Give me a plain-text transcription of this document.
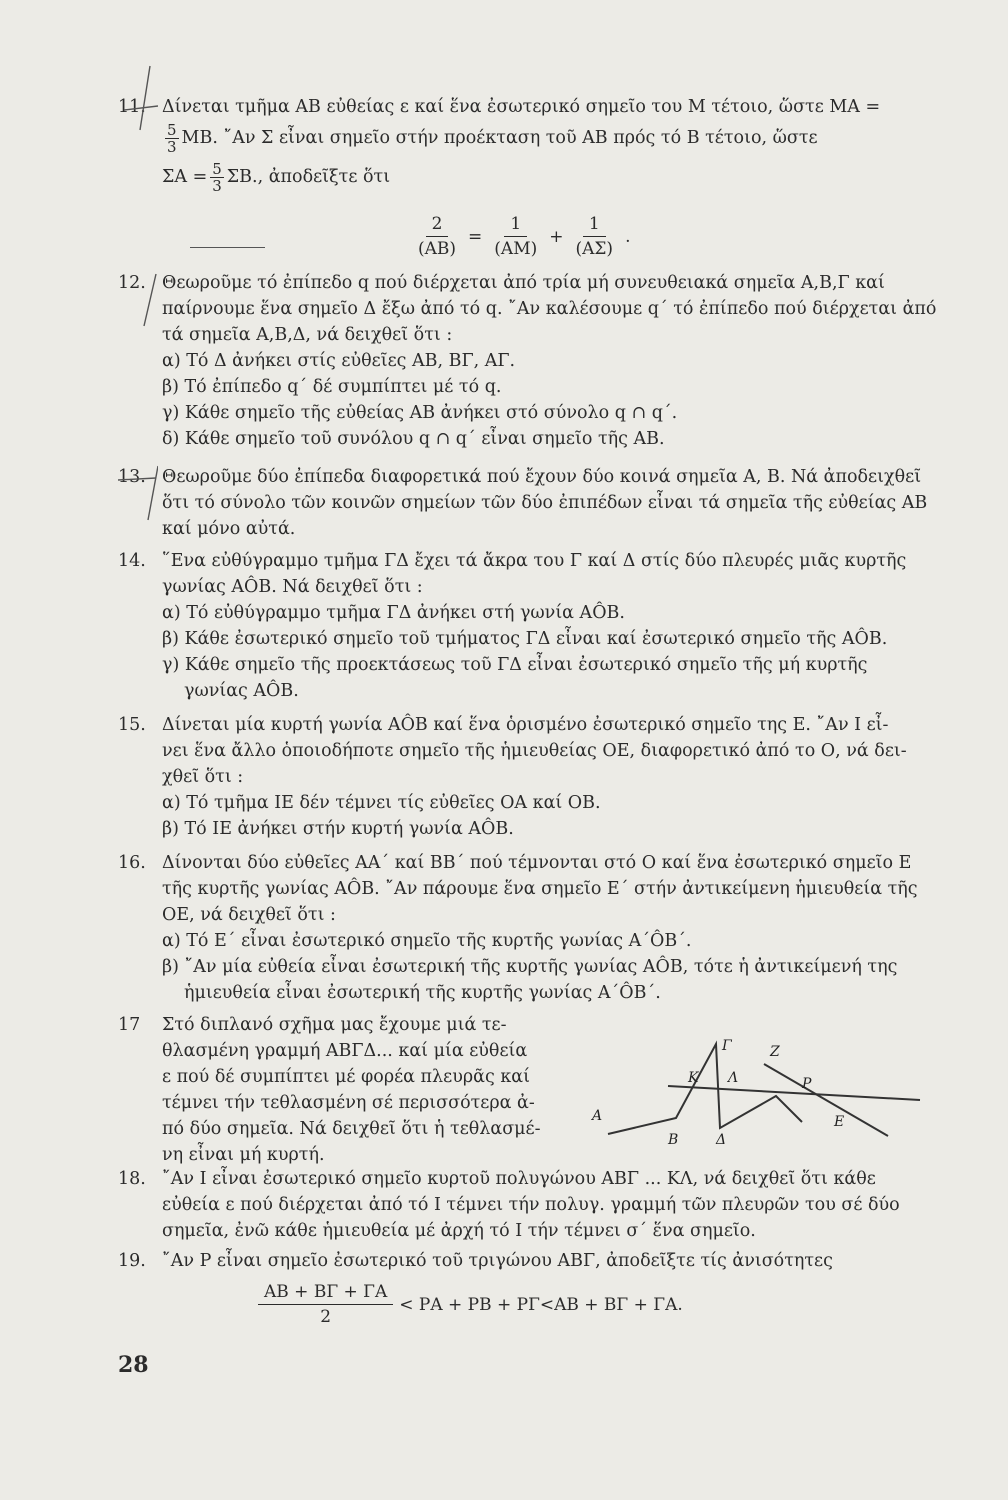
11. Δίνεται τμῆμα ΑΒ εὐθείας ε καί ἕνα ἐσωτερικό σημεῖο του Μ τέτοιο, ὥστε ΜΑ =
$\frac{5}{3} MB$. ῎Αν Σ εἶναι σημεῖο στήν προέκταση τοῦ ΑΒ πρός τό Β τέτοιο, ὥστε
$\Sigma A = \frac{5}{3} \Sigma B$., ἀποδεῖξτε ὅτι
$\frac{2}{(AB)} = \frac{1}{(AM)} + \frac{1}{(A\Sigma)}$ .
12. Θεωροῦμε τό ἐπίπεδο q πού διέρχεται ἀπό τρία μή συνευθειακά σημεῖα Α,Β,Γ καί
παίρνουμε ἕνα σημεῖο Δ ἔξω ἀπό τό q. ῎Αν καλέσουμε q΄ τό ἐπίπεδο πού διέρχεται ἀπό
τά σημεῖα Α,Β,Δ, νά δειχθεῖ ὅτι :
α) Τό Δ ἀνήκει στίς εὐθεῖες ΑΒ, ΒΓ, ΑΓ.
β) Τό ἐπίπεδο q΄ δέ συμπίπτει μέ τό q.
γ) Κάθε σημεῖο τῆς εὐθείας ΑΒ ἀνήκει στό σύνολο q ∩ q΄.
δ) Κάθε σημεῖο τοῦ συνόλου q ∩ q΄ εἶναι σημεῖο τῆς ΑΒ.
13. Θεωροῦμε δύο ἐπίπεδα διαφορετικά πού ἔχουν δύο κοινά σημεῖα Α, Β. Νά ἀποδειχθεῖ
ὅτι τό σύνολο τῶν κοινῶν σημείων τῶν δύο ἐπιπέδων εἶναι τά σημεῖα τῆς εὐθείας ΑΒ
καί μόνο αὐτά.
14. ῞Ενα εὐθύγραμμο τμῆμα ΓΔ ἔχει τά ἄκρα του Γ καί Δ στίς δύο πλευρές μιᾶς κυρτῆς
γωνίας ΑÔΒ. Νά δειχθεῖ ὅτι :
α) Τό εὐθύγραμμο τμῆμα ΓΔ ἀνήκει στή γωνία ΑÔΒ.
β) Κάθε ἐσωτερικό σημεῖο τοῦ τμήματος ΓΔ εἶναι καί ἐσωτερικό σημεῖο τῆς ΑÔΒ.
γ) Κάθε σημεῖο τῆς προεκτάσεως τοῦ ΓΔ εἶναι ἐσωτερικό σημεῖο τῆς μή κυρτῆς
γωνίας ΑÔΒ.
15. Δίνεται μία κυρτή γωνία ΑÔΒ καί ἕνα ὁρισμένο ἐσωτερικό σημεῖο της Ε. ῎Αν Ι εἶ-
νει ἕνα ἄλλο ὁποιοδήποτε σημεῖο τῆς ἡμιευθείας ΟΕ, διαφορετικό ἀπό το Ο, νά δει-
χθεῖ ὅτι :
α) Τό τμῆμα ΙΕ δέν τέμνει τίς εὐθεῖες ΟΑ καί ΟΒ.
β) Τό ΙΕ ἀνήκει στήν κυρτή γωνία ΑÔΒ.
16. Δίνονται δύο εὐθεῖες ΑΑ΄ καί ΒΒ΄ πού τέμνονται στό Ο καί ἕνα ἐσωτερικό σημεῖο Ε
τῆς κυρτῆς γωνίας ΑÔΒ. ῎Αν πάρουμε ἕνα σημεῖο Ε΄ στήν ἀντικείμενη ἡμιευθεία τῆς
ΟΕ, νά δειχθεῖ ὅτι :
α) Τό Ε΄ εἶναι ἐσωτερικό σημεῖο τῆς κυρτῆς γωνίας Α΄ÔΒ΄.
β) ῎Αν μία εὐθεία εἶναι ἐσωτερική τῆς κυρτῆς γωνίας ΑÔΒ, τότε ἡ ἀντικείμενή της
ἡμιευθεία εἶναι ἐσωτερική τῆς κυρτῆς γωνίας Α΄ÔΒ΄.
17 Στό διπλανό σχῆμα μας ἔχουμε μιά τε-
θλασμένη γραμμή ΑΒΓΔ... καί μία εὐθεία
ε πού δέ συμπίπτει μέ φορέα πλευρᾶς καί
τέμνει τήν τεθλασμένη σέ περισσότερα ἀ-
πό δύο σημεῖα. Νά δειχθεῖ ὅτι ἡ τεθλασμέ-
νη εἶναι μή κυρτή.
Α
Β
Γ
Δ
Z
Κ Λ	Ρ
Ε
18. ῎Αν Ι εἶναι ἐσωτερικό σημεῖο κυρτοῦ πολυγώνου ΑΒΓ ... ΚΛ, νά δειχθεῖ ὅτι κάθε
εὐθεία ε πού διέρχεται ἀπό τό Ι τέμνει τήν πολυγ. γραμμή τῶν πλευρῶν του σέ δύο
σημεῖα, ἐνῶ κάθε ἡμιευθεία μέ ἀρχή τό Ι τήν τέμνει σ΄ ἕνα σημεῖο.
19. ῎Αν Ρ εἶναι σημεῖο ἐσωτερικό τοῦ τριγώνου ΑΒΓ, ἀποδεῖξτε τίς ἀνισότητες
ΑΒ + ΒΓ + ΓΑ
2
< ΡΑ + ΡΒ + ΡΓ<ΑΒ + ΒΓ + ΓΑ.
28
